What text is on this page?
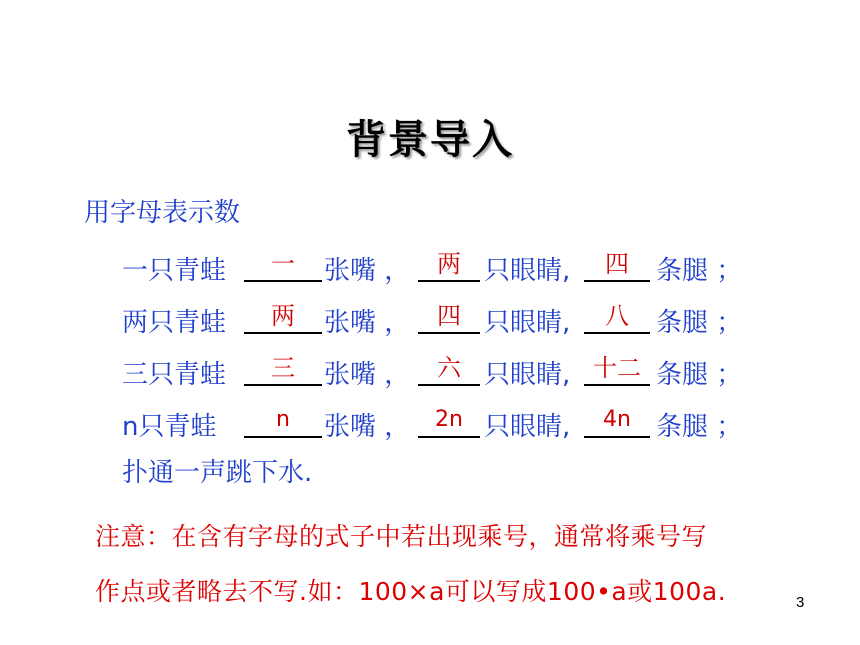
背景导入
用字母表示数
一只青蛙	一	张嘴 ，	两 只眼睛,	四	条腿 ；
两只青蛙	两	张嘴 ，	四 只眼睛,	八	条腿 ；
三只青蛙	三	张嘴 ，	六 只眼睛, 十二 条腿 ；
n只青蛙	n	张嘴 ，	2n 只眼睛,	4n 条腿 ；
扑通一声跳下水.
注意：在含有字母的式子中若出现乘号，通常将乘号写
作点或者略去不写.如：100×a可以写成100•a或100a.	3
